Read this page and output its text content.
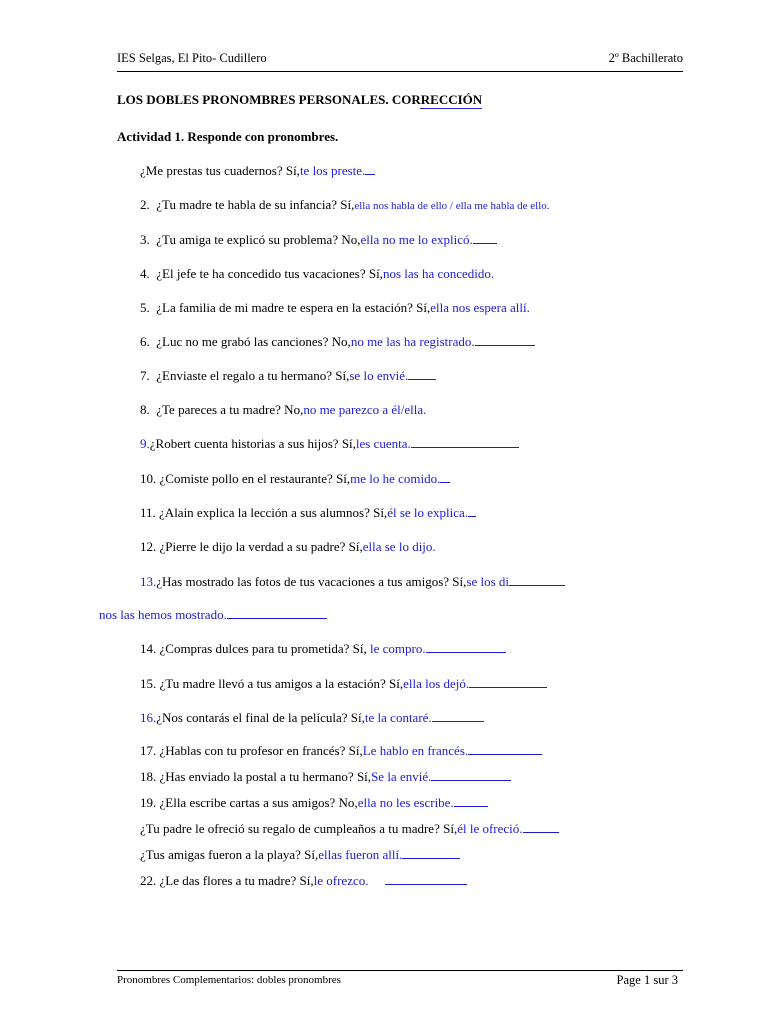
IES Selgas, El Pito- Cudillero	2º Bachillerato
LOS DOBLES PRONOMBRES PERSONALES. CORRECCIÓN
Actividad 1. Responde con pronombres.
¿Me prestas tus cuadernos? Sí,te los preste.
2. ¿Tu madre te habla de su infancia? Sí,ella nos habla de ello / ella me habla de ello.
3. ¿Tu amiga te explicó su problema? No,ella no me lo explicó.
4. ¿El jefe te ha concedido tus vacaciones? Sí,nos las ha concedido.
5. ¿La familia de mi madre te espera en la estación? Sí,ella nos espera allí.
6. ¿Luc no me grabó las canciones? No,no me las ha registrado.
7. ¿Enviaste el regalo a tu hermano? Sí,se lo envié.
8. ¿Te pareces a tu madre? No,no me parezco a él/ella.
9.¿Robert cuenta historias a sus hijos? Sí,les cuenta.
10. ¿Comiste pollo en el restaurante? Sí,me lo he comido.
11. ¿Alain explica la lección a sus alumnos? Sí,él se lo explica.
12. ¿Pierre le dijo la verdad a su padre? Sí,ella se lo dijo.
13.¿Has mostrado las fotos de tus vacaciones a tus amigos? Sí,se los di
nos las hemos mostrado.
14. ¿Compras dulces para tu prometida? Sí, le compro.
15. ¿Tu madre llevó a tus amigos a la estación? Sí,ella los dejó.
16.¿Nos contarás el final de la película? Sí,te la contaré.
17. ¿Hablas con tu profesor en francés? Sí,Le hablo en francés.
18. ¿Has enviado la postal a tu hermano? Sí,Se la envié.
19. ¿Ella escribe cartas a sus amigos? No,ella no les escribe.
¿Tu padre le ofreció su regalo de cumpleaños a tu madre? Sí,él le ofreció.
¿Tus amigas fueron a la playa? Sí,ellas fueron allí.
22. ¿Le das flores a tu madre? Sí,le ofrezco.
Pronombres Complementarios: dobles pronombres	Page 1 sur 3
